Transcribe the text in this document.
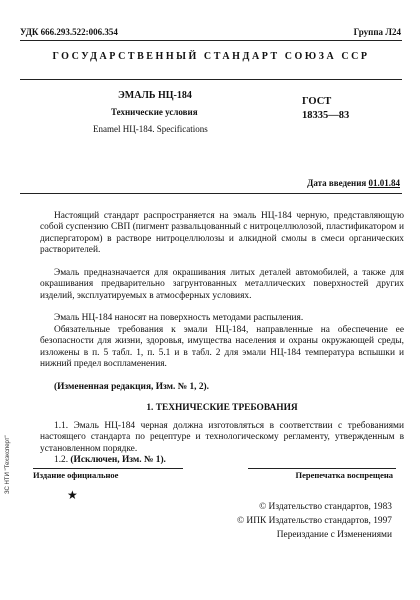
УДК 666.293.522:006.354	Группа Л24
ГОСУДАРСТВЕННЫЙ СТАНДАРТ СОЮЗА ССР
ЭМАЛЬ НЦ-184
Технические условия
Enamel НЦ-184. Specifications
ГОСТ
18335—83
Дата введения 01.01.84
Настоящий стандарт распространяется на эмаль НЦ-184 черную, представляющую собой суспензию СВП (пигмент развальцованный с нитроцеллюлозой, пластификатором и диспергатором) в растворе нитроцеллюлозы и алкидной смолы в смеси органических растворителей.
Эмаль предназначается для окрашивания литых деталей автомобилей, а также для окрашивания предварительно загрунтованных металлических поверхностей других изделий, эксплуатируемых в атмосферных условиях.
Эмаль НЦ-184 наносят на поверхность методами распыления.
Обязательные требования к эмали НЦ-184, направленные на обеспечение ее безопасности для жизни, здоровья, имущества населения и охраны окружающей среды, изложены в п. 5 табл. 1, п. 5.1 и в табл. 2 для эмали НЦ-184 температура вспышки и нижний предел воспламенения.
(Измененная редакция, Изм. № 1, 2).
1. ТЕХНИЧЕСКИЕ ТРЕБОВАНИЯ
1.1. Эмаль НЦ-184 черная должна изготовляться в соответствии с требованиями настоящего стандарта по рецептуре и технологическому регламенту, утвержденным в установленном порядке.
1.2. (Исключен, Изм. № 1).
Издание официальное	Перепечатка воспрещена
★
© Издательство стандартов, 1983
© ИПК Издательство стандартов, 1997
Переиздание с Изменениями
ЗС НТИ "Техэксперт"
